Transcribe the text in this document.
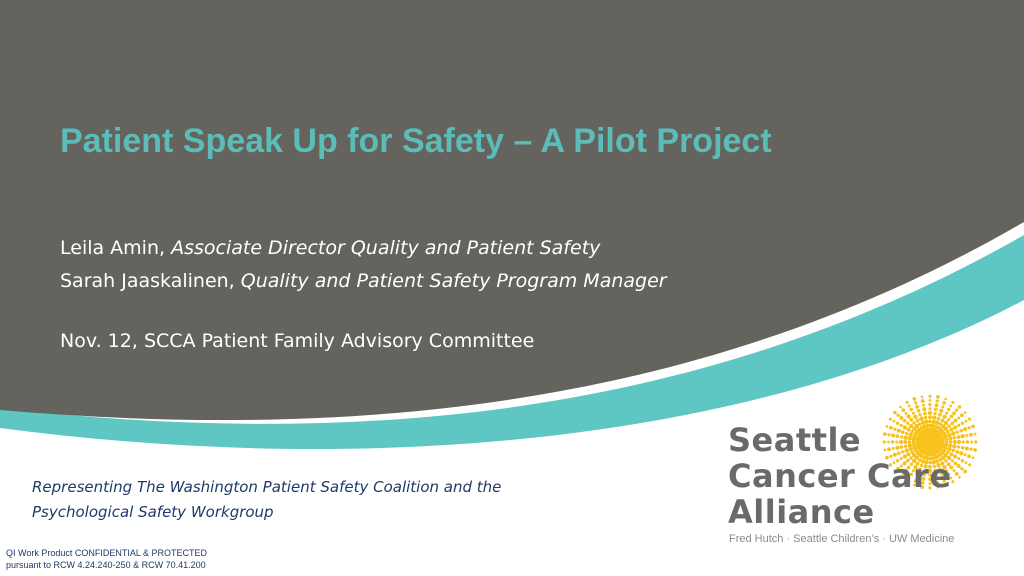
Patient Speak Up for Safety – A Pilot Project
Leila Amin, Associate Director Quality and Patient Safety
Sarah Jaaskalinen, Quality and Patient Safety Program Manager
Nov. 12, SCCA Patient Family Advisory Committee
Representing The Washington Patient Safety Coalition and the Psychological Safety Workgroup
QI Work Product CONFIDENTIAL & PROTECTED
pursuant to RCW 4.24.240-250 & RCW 70.41.200
Seattle
Cancer Care
Alliance
Fred Hutch · Seattle Children’s · UW Medicine
